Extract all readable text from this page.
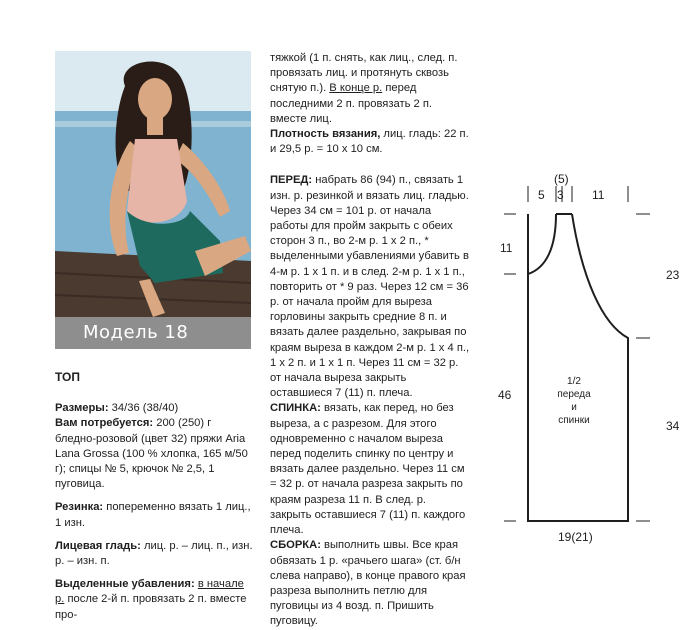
Модель 18

ТОП

Размеры: 34/36 (38/40)

Вам потребуется: 200 (250) г бледно-розовой (цвет 32) пряжи Aria Lana Grossa (100 % хлопка, 165 м/50 г); спицы № 5, крючок № 2,5, 1 пуговица.

Резинка: попеременно вязать 1 лиц., 1 изн.

Лицевая гладь: лиц. р. – лиц. п., изн. р. – изн. п.

Выделенные убавления: в начале р. после 2-й п. провязать 2 п. вместе про-

тяжкой (1 п. снять, как лиц., след. п. провязать лиц. и протянуть сквозь снятую п.). В конце р. перед последними 2 п. провязать 2 п. вместе лиц.

Плотность вязания, лиц. гладь: 22 п. и 29,5 р. = 10 x 10 см.

ПЕРЕД: набрать 86 (94) п., связать 1 изн. р. резинкой и вязать лиц. гладью. Через 34 см = 101 р. от начала работы для пройм закрыть с обеих сторон 3 п., во 2-м р. 1 x 2 п., * выделенными убавлениями убавить в 4-м р. 1 x 1 п. и в след. 2-м р. 1 x 1 п., повторить от * 9 раз. Через 12 см = 36 р. от начала пройм для выреза горловины закрыть средние 8 п. и вязать далее раздельно, закрывая по краям выреза в каждом 2-м р. 1 x 4 п., 1 x 2 п. и 1 x 1 п. Через 11 см = 32 р. от начала выреза закрыть оставшиеся 7 (11) п. плеча.

СПИНКА: вязать, как перед, но без выреза, а с разрезом. Для этого одновременно с началом выреза перед поделить спинку по центру и вязать далее раздельно. Через 11 см = 32 р. от начала разреза закрыть по краям разреза 11 п. В след. р. закрыть оставшиеся 7 (11) п. каждого плеча.

СБОРКА: выполнить швы. Все края обвязать 1 р. «рачьего шага» (ст. б/н слева направо), в конце правого края разреза выполнить петлю для пуговицы из 4 возд. п. Пришить пуговицу.

(5)
5 3 11
11
46
23
34
19(21)
1/2
переда
и
спинки
